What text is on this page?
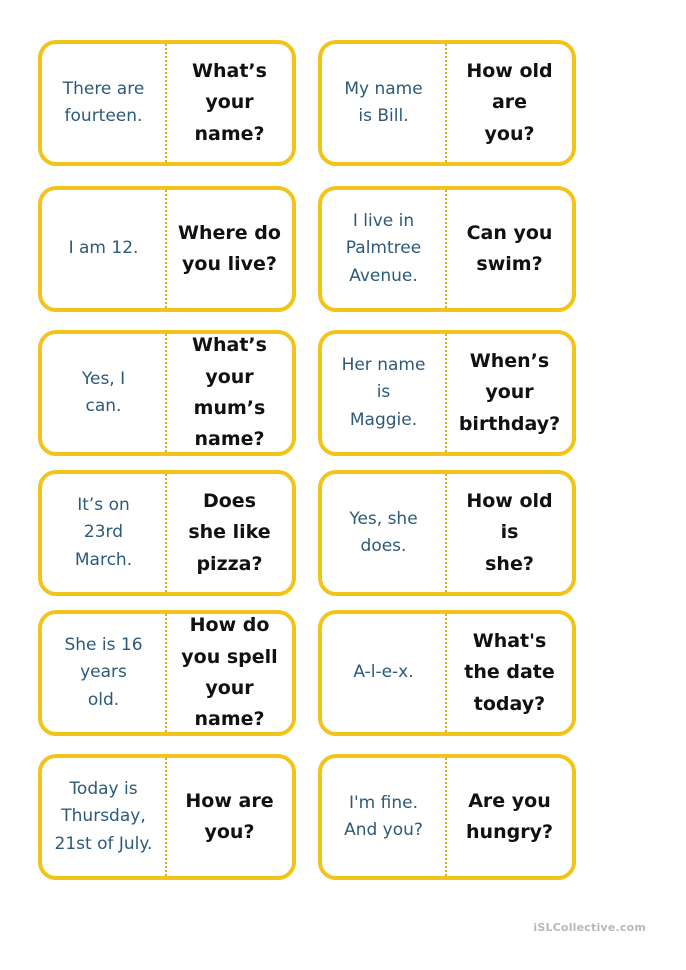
There are
fourteen.
What’s
your name?
My name
is Bill.
How old are
you?
I am 12.
Where do
you live?
I live in
Palmtree
Avenue.
Can you
swim?
Yes, I
can.
What’s
your mum’s
name?
Her name
is
Maggie.
When’s
your
birthday?
It’s on
23rd
March.
Does
she like
pizza?
Yes, she
does.
How old is
she?
She is 16
years
old.
How do
you spell
your name?
A-l-e-x.
What's
the date
today?
Today is
Thursday,
21st of July.
How are
you?
I'm fine.
And you?
Are you
hungry?
iSLCollective.com
